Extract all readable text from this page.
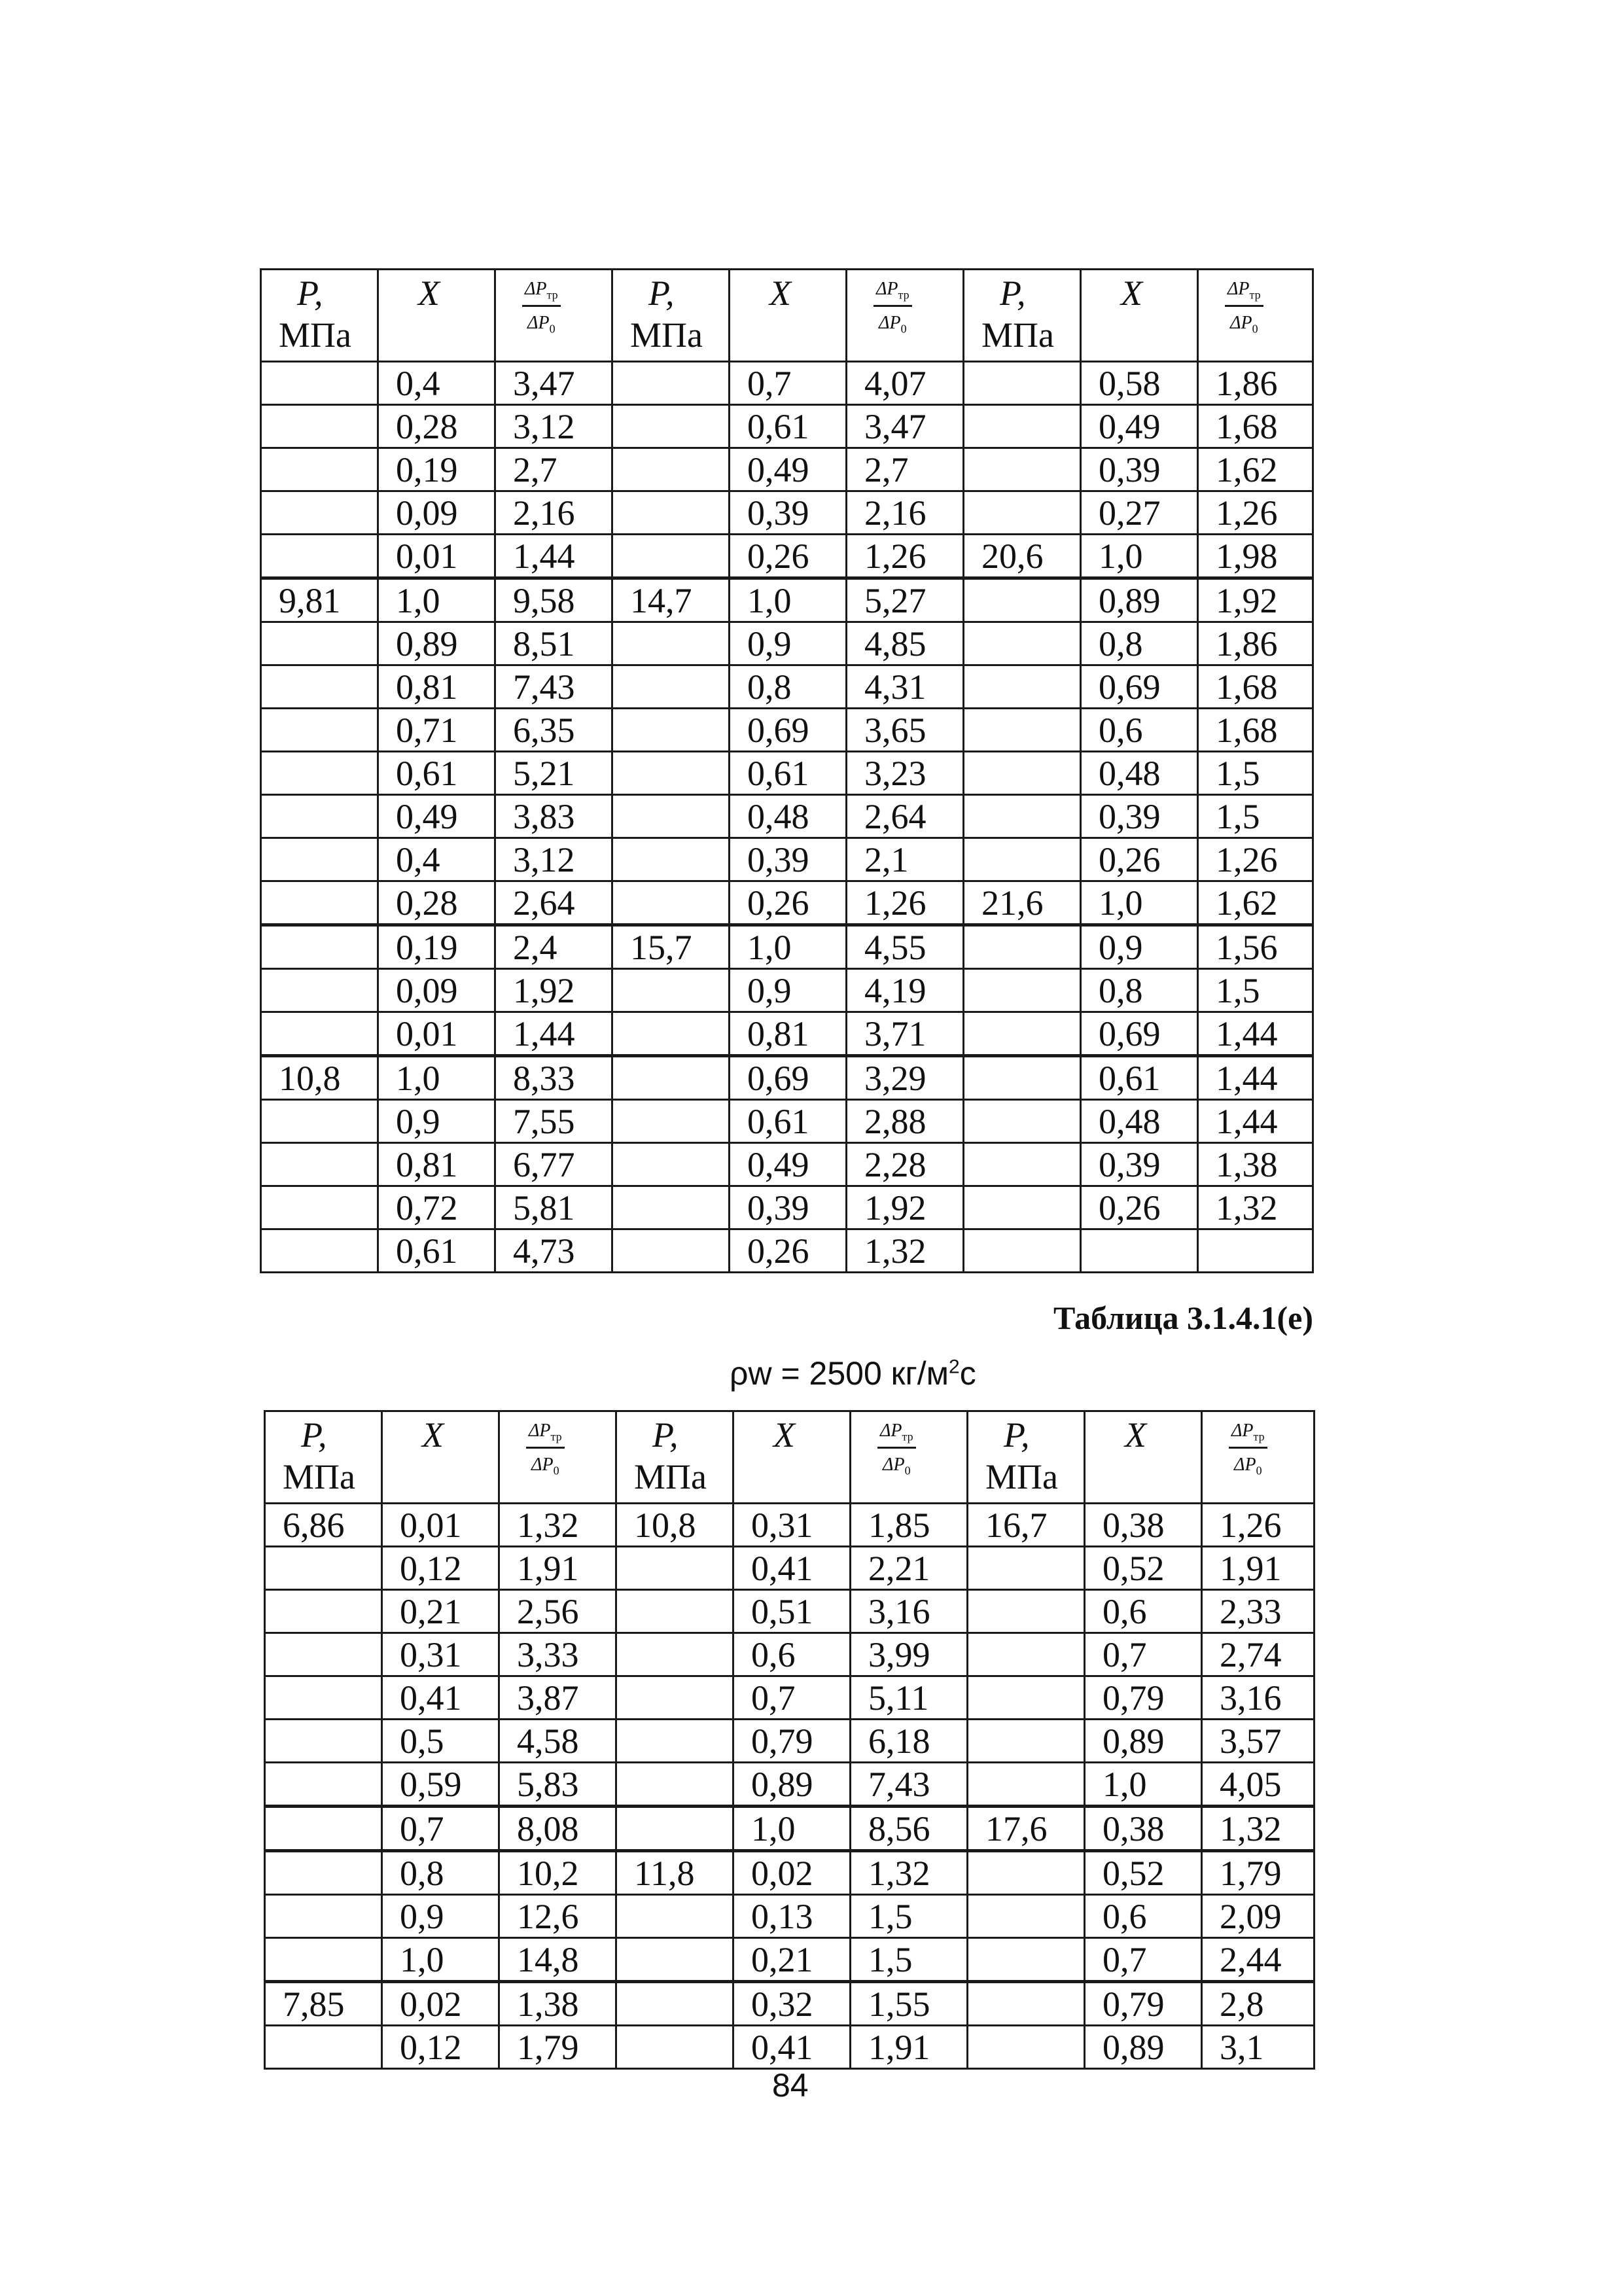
P,
МПа	X	$\frac{\Delta P_{тр}}{\Delta P_0}$	P,
МПа	X	$\frac{\Delta P_{тр}}{\Delta P_0}$	P,
МПа	X	$\frac{\Delta P_{тр}}{\Delta P_0}$

	0,4	3,47		0,7	4,07		0,58	1,86
	0,28	3,12		0,61	3,47		0,49	1,68
	0,19	2,7		0,49	2,7		0,39	1,62
	0,09	2,16		0,39	2,16		0,27	1,26
	0,01	1,44		0,26	1,26	20,6	1,0	1,98
9,81	1,0	9,58	14,7	1,0	5,27		0,89	1,92
	0,89	8,51		0,9	4,85		0,8	1,86
	0,81	7,43		0,8	4,31		0,69	1,68
	0,71	6,35		0,69	3,65		0,6	1,68
	0,61	5,21		0,61	3,23		0,48	1,5
	0,49	3,83		0,48	2,64		0,39	1,5
	0,4	3,12		0,39	2,1		0,26	1,26
	0,28	2,64		0,26	1,26	21,6	1,0	1,62
	0,19	2,4	15,7	1,0	4,55		0,9	1,56
	0,09	1,92		0,9	4,19		0,8	1,5
	0,01	1,44		0,81	3,71		0,69	1,44
10,8	1,0	8,33		0,69	3,29		0,61	1,44
	0,9	7,55		0,61	2,88		0,48	1,44
	0,81	6,77		0,49	2,28		0,39	1,38
	0,72	5,81		0,39	1,92		0,26	1,32
	0,61	4,73		0,26	1,32			
Таблица 3.1.4.1(е)
ρw = 2500 $кг/м^2с$
P,
МПа	X	$\frac{\Delta P_{тр}}{\Delta P_0}$	P,
МПа	X	$\frac{\Delta P_{тр}}{\Delta P_0}$	P,
МПа	X	$\frac{\Delta P_{тр}}{\Delta P_0}$

6,86	0,01	1,32	10,8	0,31	1,85	16,7	0,38	1,26
	0,12	1,91		0,41	2,21		0,52	1,91
	0,21	2,56		0,51	3,16		0,6	2,33
	0,31	3,33		0,6	3,99		0,7	2,74
	0,41	3,87		0,7	5,11		0,79	3,16
	0,5	4,58		0,79	6,18		0,89	3,57
	0,59	5,83		0,89	7,43		1,0	4,05
	0,7	8,08		1,0	8,56	17,6	0,38	1,32
	0,8	10,2	11,8	0,02	1,32		0,52	1,79
	0,9	12,6		0,13	1,5		0,6	2,09
	1,0	14,8		0,21	1,5		0,7	2,44
7,85	0,02	1,38		0,32	1,55		0,79	2,8
	0,12	1,79		0,41	1,91		0,89	3,1
84
